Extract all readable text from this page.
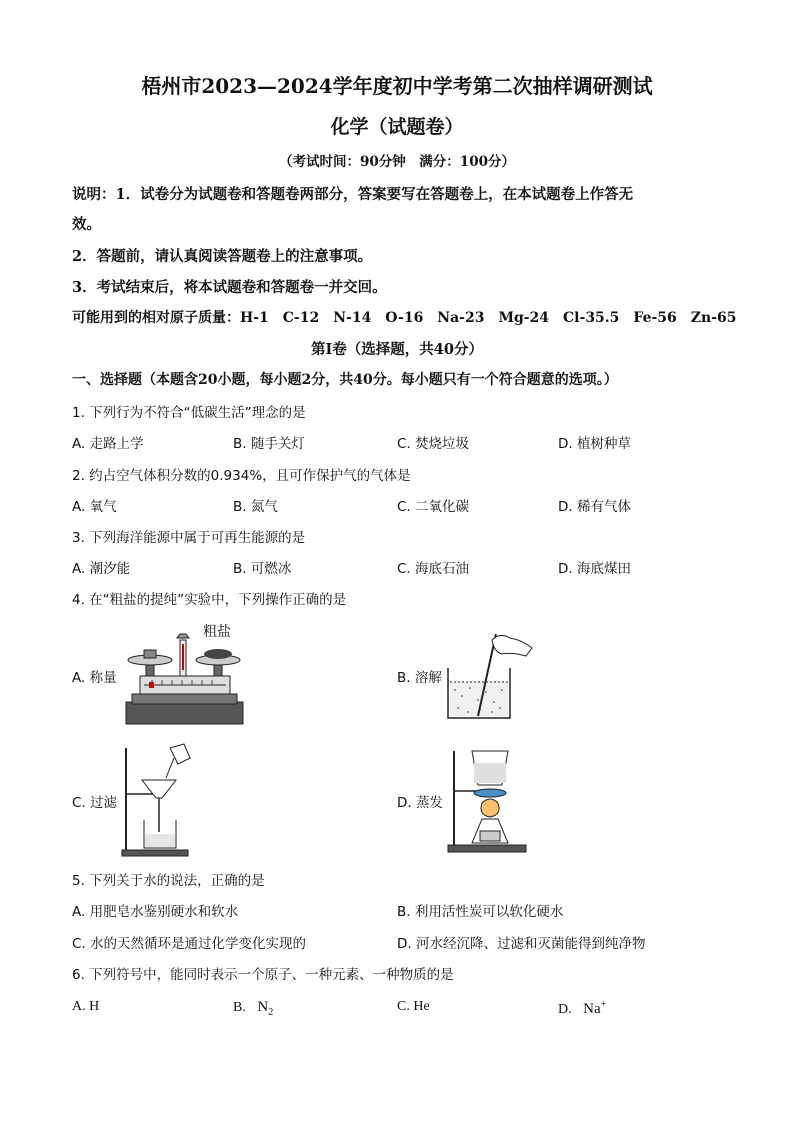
梧州市2023—2024学年度初中学考第二次抽样调研测试
化学（试题卷）
（考试时间：90分钟　满分：100分）
说明：1．试卷分为试题卷和答题卷两部分，答案要写在答题卷上，在本试题卷上作答无
效。
2．答题前，请认真阅读答题卷上的注意事项。
3．考试结束后，将本试题卷和答题卷一并交回。
可能用到的相对原子质量：H-1　C-12　N-14　O-16　Na-23　Mg-24　Cl-35.5　Fe-56　Zn-65
第Ⅰ卷（选择题，共40分）
一、选择题（本题含20小题，每小题2分，共40分。每小题只有一个符合题意的选项。）
1. 下列行为不符合“低碳生活”理念的是
A. 走路上学	B. 随手关灯	C. 焚烧垃圾	D. 植树种草
2. 约占空气体积分数的0.934%，且可作保护气的气体是
A. 氧气	B. 氮气	C. 二氧化碳	D. 稀有气体
3. 下列海洋能源中属于可再生能源的是
A. 潮汐能	B. 可燃冰	C. 海底石油	D. 海底煤田
4. 在“粗盐的提纯”实验中，下列操作正确的是
粗盐
A. 称量	B. 溶解
C. 过滤	D. 蒸发
5. 下列关于水的说法，正确的是
A. 用肥皂水鉴别硬水和软水	B. 利用活性炭可以软化硬水
C. 水的天然循环是通过化学变化实现的	D. 河水经沉降、过滤和灭菌能得到纯净物
6. 下列符号中，能同时表示一个原子、一种元素、一种物质的是
A. H	B. $N_2$	C. He	D. Na+
